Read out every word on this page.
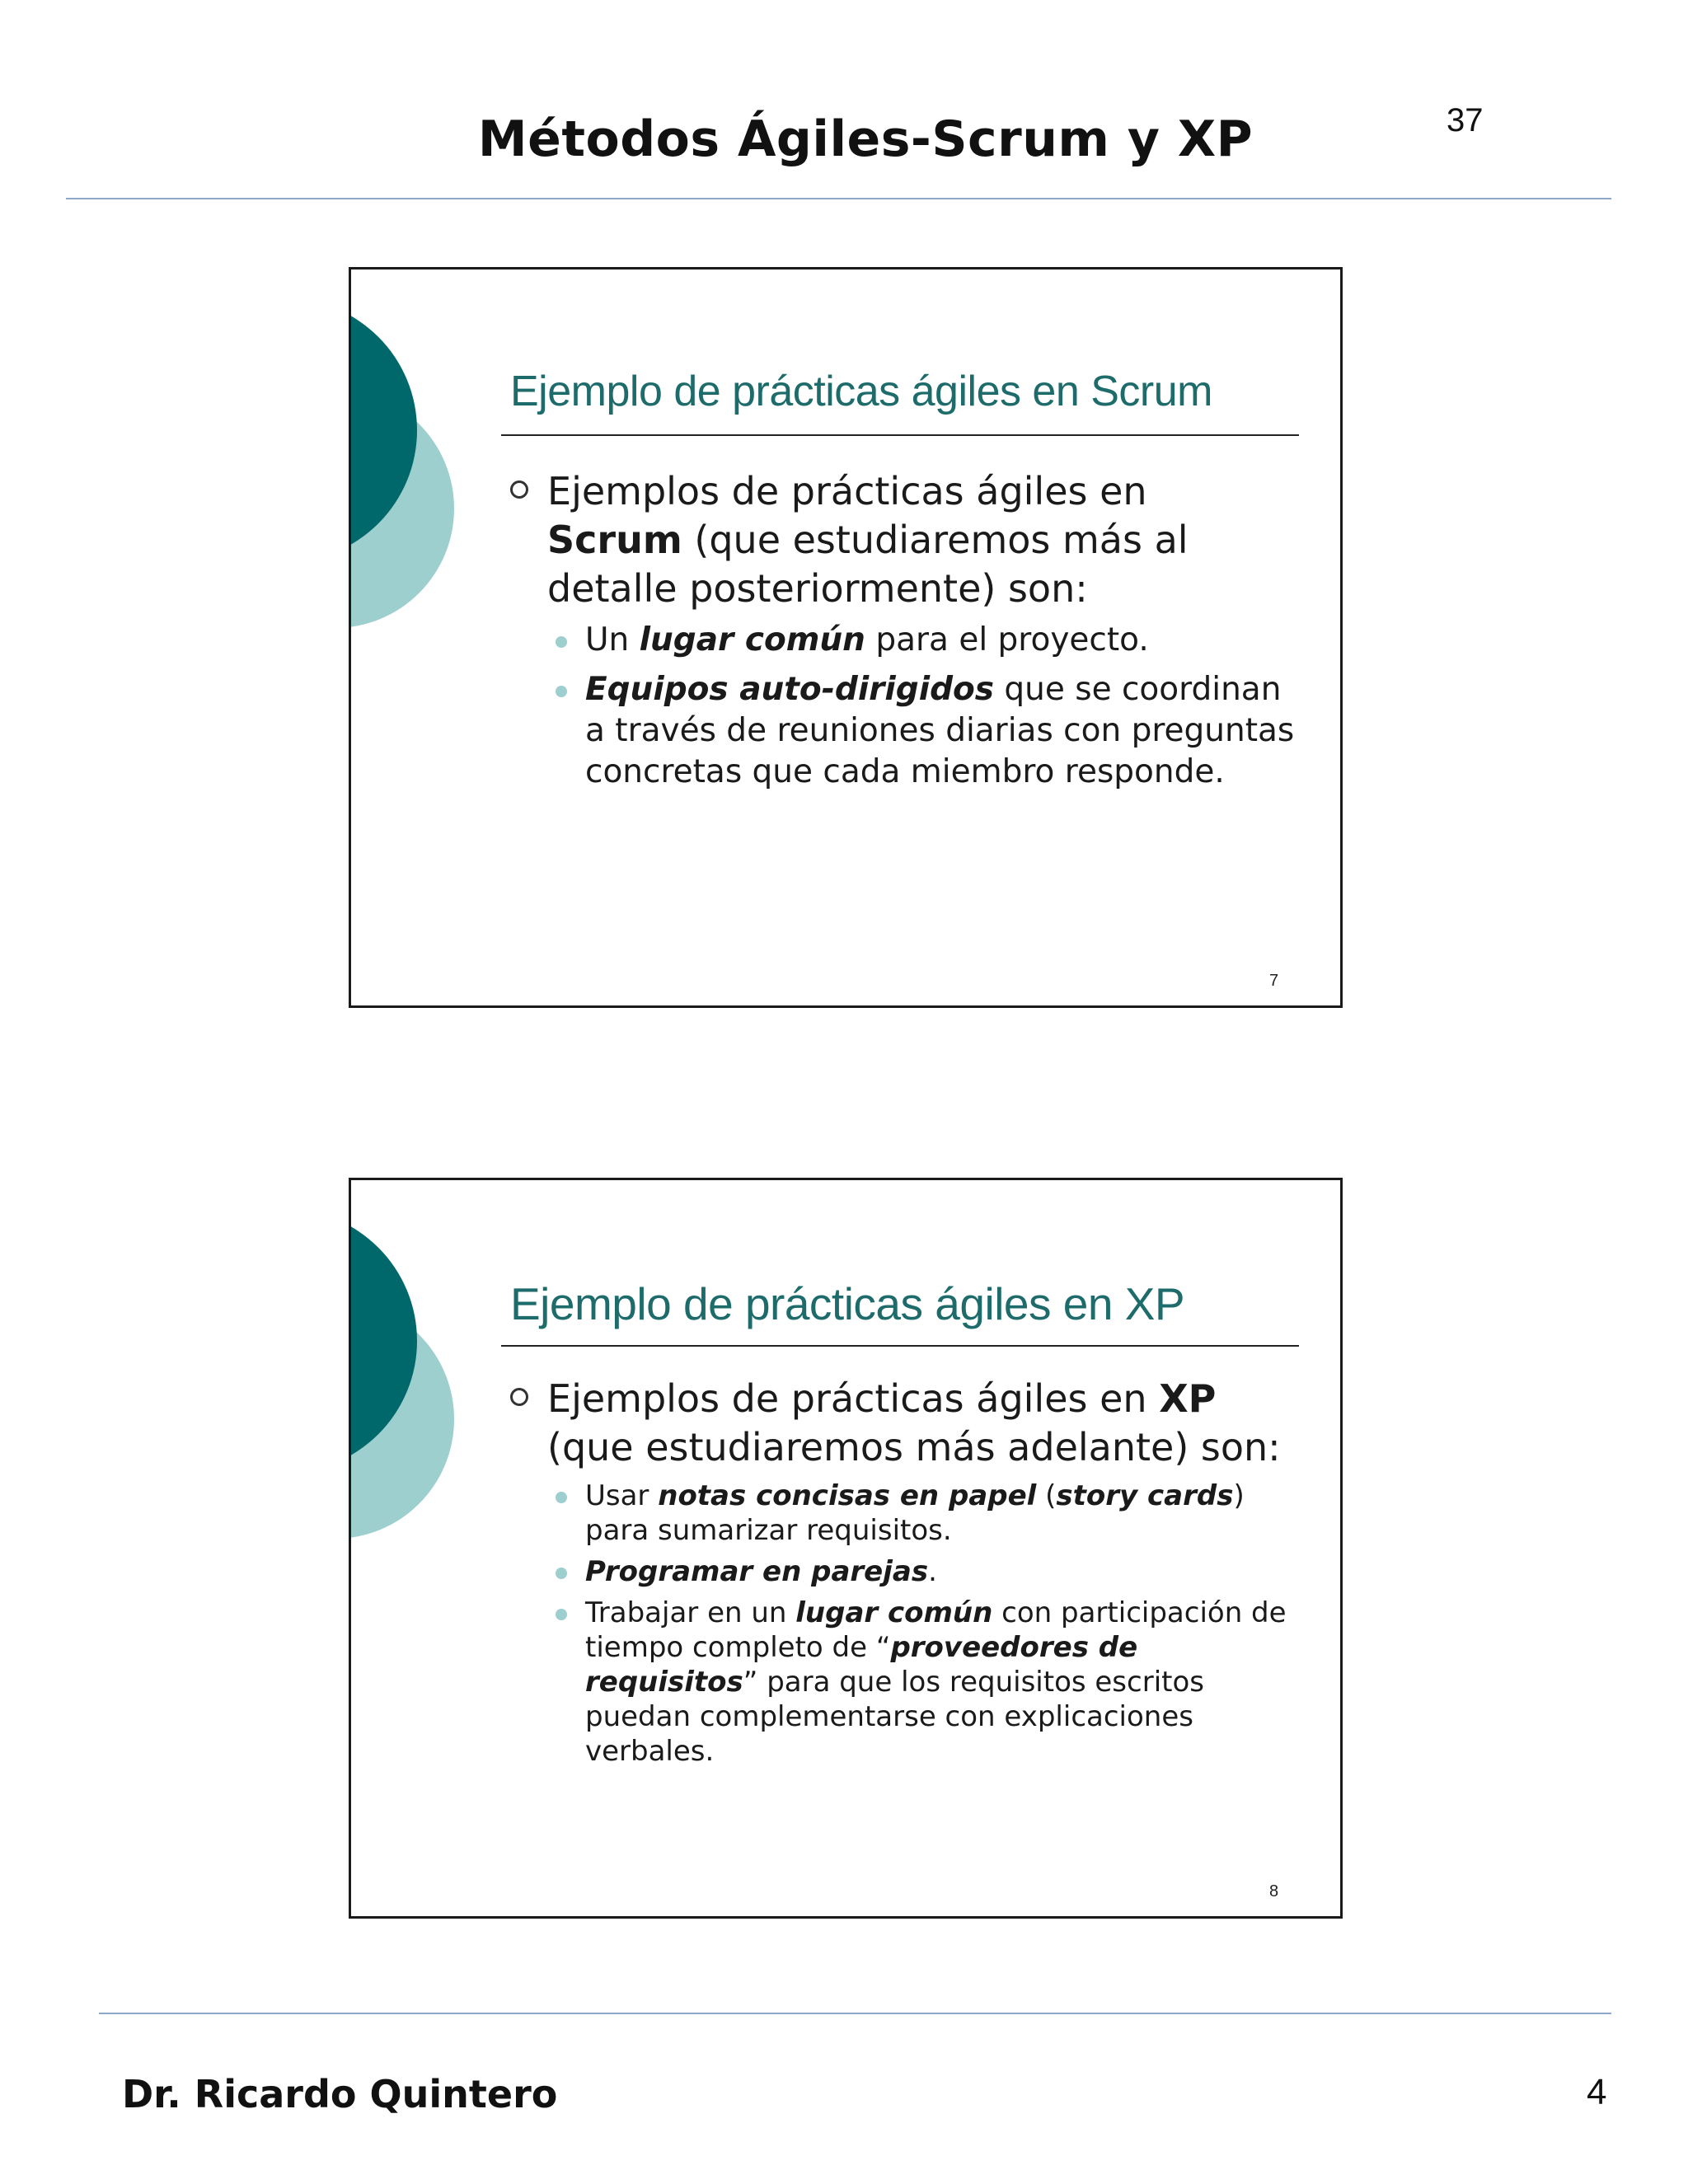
Métodos Ágiles-Scrum y XP	37
Ejemplo de prácticas ágiles en Scrum
Ejemplos de prácticas ágiles en Scrum (que estudiaremos más al detalle posteriormente) son:
Un lugar común para el proyecto.
Equipos auto-dirigidos que se coordinan a través de reuniones diarias con preguntas concretas que cada miembro responde.
7
Ejemplo de prácticas ágiles en XP
Ejemplos de prácticas ágiles en XP (que estudiaremos más adelante) son:
Usar notas concisas en papel (story cards) para sumarizar requisitos.
Programar en parejas.
Trabajar en un lugar común con participación de tiempo completo de “proveedores de requisitos” para que los requisitos escritos puedan complementarse con explicaciones verbales.
8
Dr. Ricardo Quintero	4
